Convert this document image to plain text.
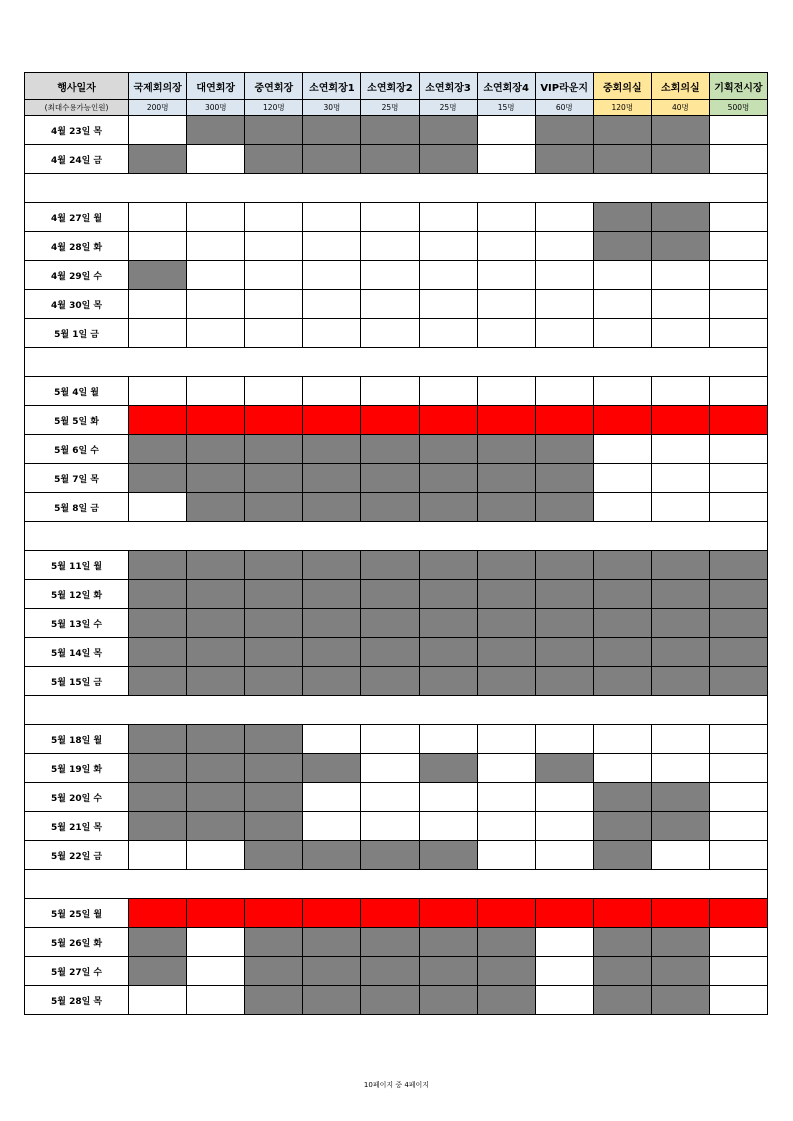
행사일자	국제회의장	대연회장	중연회장	소연회장1	소연회장2	소연회장3	소연회장4	VIP라운지	중회의실	소회의실	기획전시장
(최대수용가능인원)	200명	300명	120명	30명	25명	25명	15명	60명	120명	40명	500명
4월 23일 목											
4월 24일 금											

4월 27일 월											
4월 28일 화											
4월 29일 수											
4월 30일 목											
5월 1일 금											

5월 4일 월											
5월 5일 화											
5월 6일 수											
5월 7일 목											
5월 8일 금											

5월 11일 월											
5월 12일 화											
5월 13일 수											
5월 14일 목											
5월 15일 금											

5월 18일 월											
5월 19일 화											
5월 20일 수											
5월 21일 목											
5월 22일 금											

5월 25일 월											
5월 26일 화											
5월 27일 수											
5월 28일 목											
10페이지 중 4페이지
